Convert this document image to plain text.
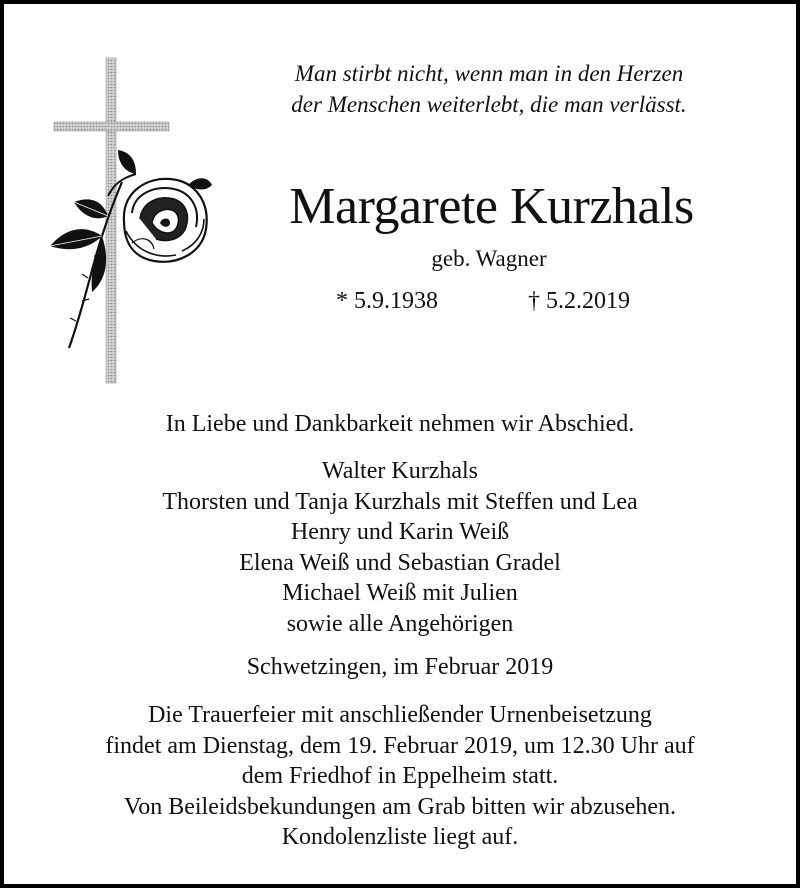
Man stirbt nicht, wenn man in den Herzen
der Menschen weiterlebt, die man verlässt.
Margarete Kurzhals
geb. Wagner
* 5.9.1938	† 5.2.2019
In Liebe und Dankbarkeit nehmen wir Abschied.
Walter Kurzhals
Thorsten und Tanja Kurzhals mit Steffen und Lea
Henry und Karin Weiß
Elena Weiß und Sebastian Gradel
Michael Weiß mit Julien
sowie alle Angehörigen
Schwetzingen, im Februar 2019
Die Trauerfeier mit anschließender Urnenbeisetzung
findet am Dienstag, dem 19. Februar 2019, um 12.30 Uhr auf
dem Friedhof in Eppelheim statt.
Von Beileidsbekundungen am Grab bitten wir abzusehen.
Kondolenzliste liegt auf.
